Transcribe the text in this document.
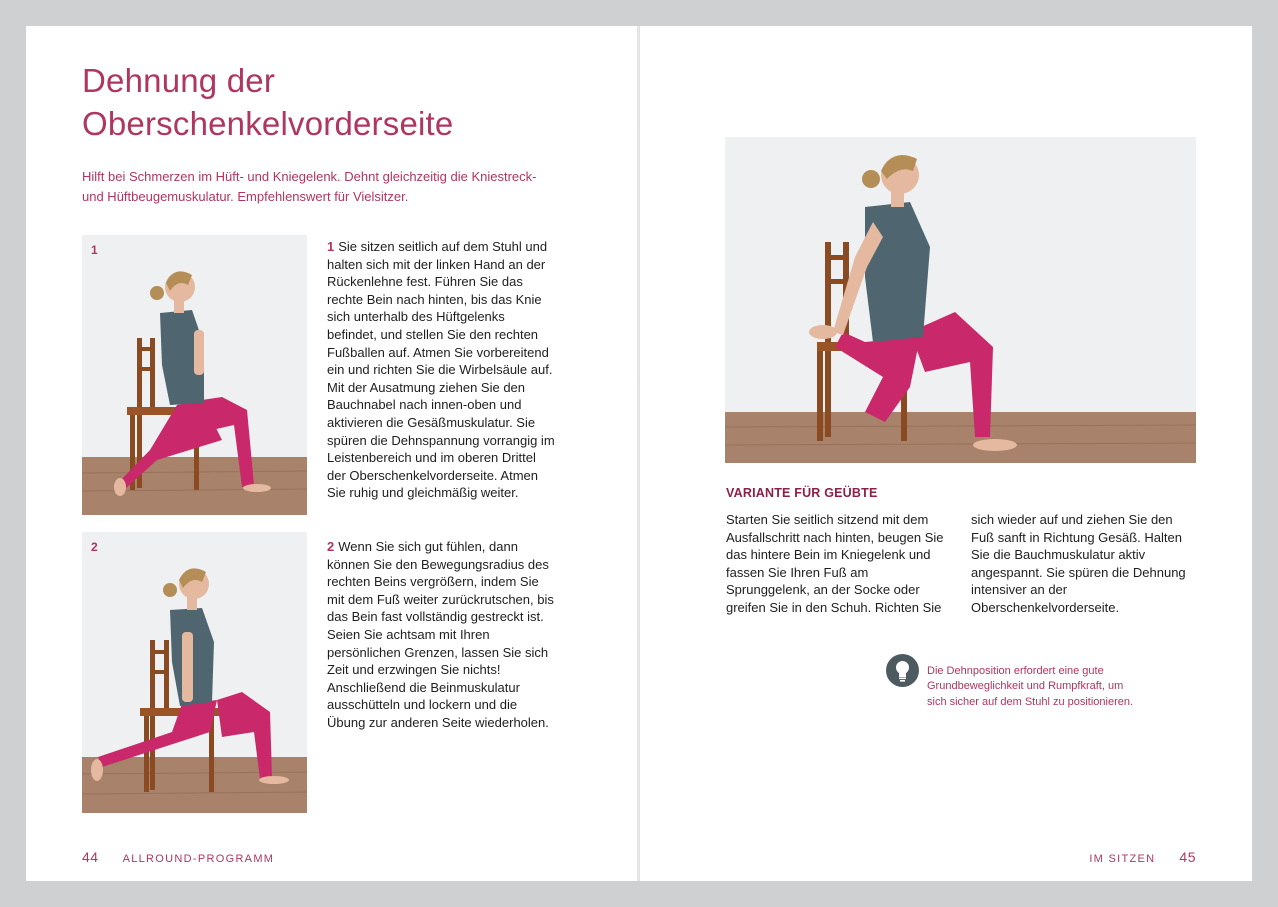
Dehnung der
Oberschenkelvorderseite

Hilft bei Schmerzen im Hüft- und Kniegelenk. Dehnt gleichzeitig die Kniestreck- und Hüftbeugemuskulatur. Empfehlenswert für Vielsitzer.

1
2

1 Sie sitzen seitlich auf dem Stuhl und halten sich mit der linken Hand an der Rückenlehne fest. Führen Sie das rechte Bein nach hinten, bis das Knie sich unterhalb des Hüftgelenks befindet, und stellen Sie den rechten Fußballen auf. Atmen Sie vorbereitend ein und richten Sie die Wirbelsäule auf. Mit der Ausatmung ziehen Sie den Bauchnabel nach innen-oben und aktivieren die Gesäßmuskulatur. Sie spüren die Dehnspannung vorrangig im Leistenbereich und im oberen Drittel der Oberschenkelvorderseite. Atmen Sie ruhig und gleichmäßig weiter.

2 Wenn Sie sich gut fühlen, dann können Sie den Bewegungsradius des rechten Beins vergrößern, indem Sie mit dem Fuß weiter zurückrutschen, bis das Bein fast vollständig gestreckt ist. Seien Sie achtsam mit Ihren persönlichen Grenzen, lassen Sie sich Zeit und erzwingen Sie nichts! Anschließend die Beinmuskulatur ausschütteln und lockern und die Übung zur anderen Seite wiederholen.

44 ALLROUND-PROGRAMM
VARIANTE FÜR GEÜBTE

Starten Sie seitlich sitzend mit dem Ausfallschritt nach hinten, beugen Sie das hintere Bein im Kniegelenk und fassen Sie Ihren Fuß am Sprunggelenk, an der Socke oder greifen Sie in den Schuh. Richten Sie

sich wieder auf und ziehen Sie den Fuß sanft in Richtung Gesäß. Halten Sie die Bauchmuskulatur aktiv angespannt. Sie spüren die Dehnung intensiver an der Oberschenkelvorderseite.

Die Dehnposition erfordert eine gute Grundbeweglichkeit und Rumpfkraft, um sich sicher auf dem Stuhl zu positionieren.

IM SITZEN 45
